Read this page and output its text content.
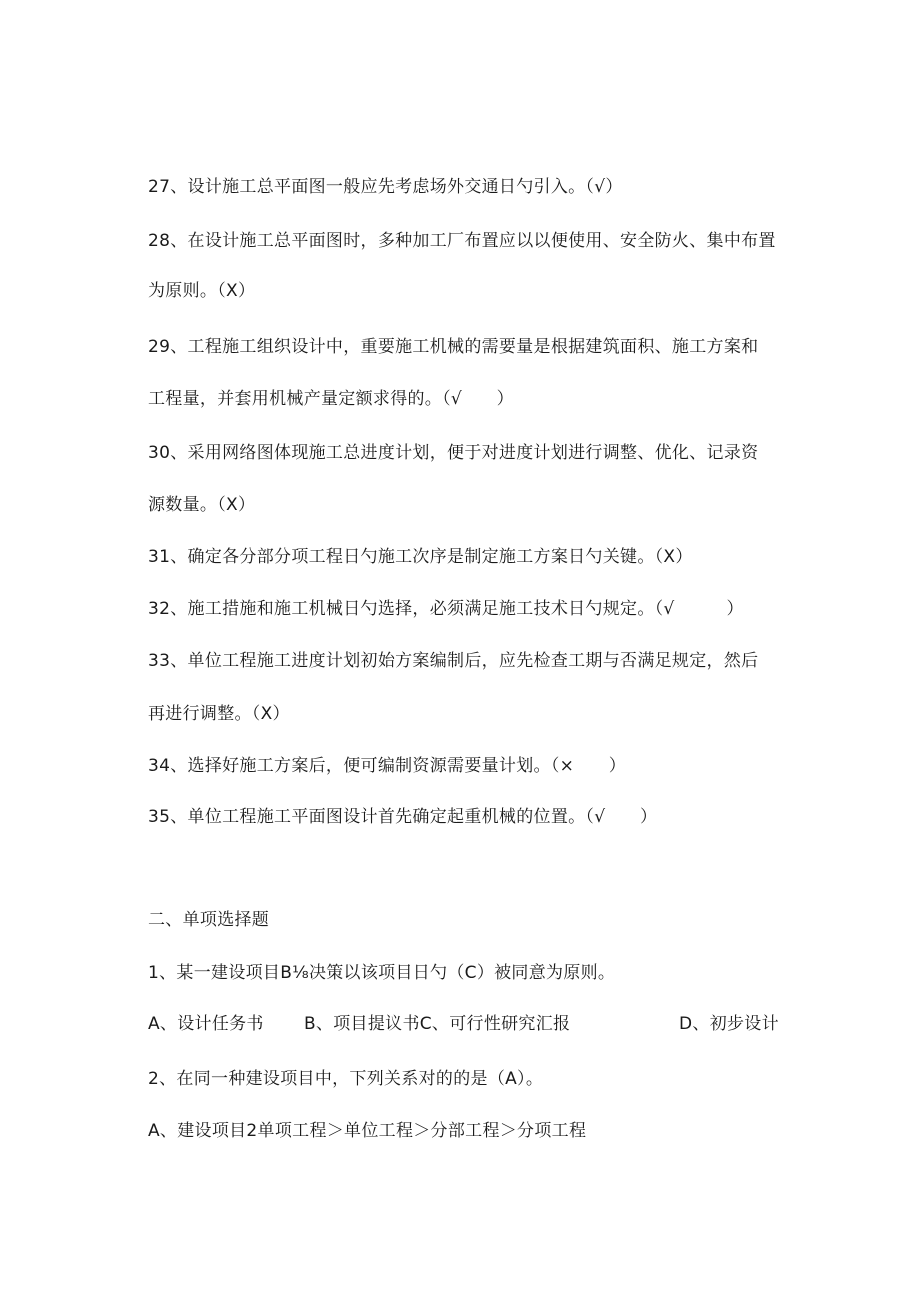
27、设计施工总平面图一般应先考虑场外交通日勺引入。（√）
28、在设计施工总平面图时，多种加工厂布置应以以便使用、安全防火、集中布置
为原则。（X）
29、工程施工组织设计中，重要施工机械的需要量是根据建筑面积、施工方案和
工程量，并套用机械产量定额求得的。（√　　）
30、采用网络图体现施工总进度计划，便于对进度计划进行调整、优化、记录资
源数量。（X）
31、确定各分部分项工程日勺施工次序是制定施工方案日勺关键。（X）
32、施工措施和施工机械日勺选择，必须满足施工技术日勺规定。（√　　　）
33、单位工程施工进度计划初始方案编制后，应先检查工期与否满足规定，然后
再进行调整。（X）
34、选择好施工方案后，便可编制资源需要量计划。（×　　）
35、单位工程施工平面图设计首先确定起重机械的位置。（√　　）
二、单项选择题
1、某一建设项目B⅛决策以该项目日勺（C）被同意为原则。
A、设计任务书 B、项目提议书C、可行性研究汇报	D、初步设计
2、在同一种建设项目中，下列关系对的的是（A）。
A、建设项目2单项工程＞单位工程＞分部工程＞分项工程
